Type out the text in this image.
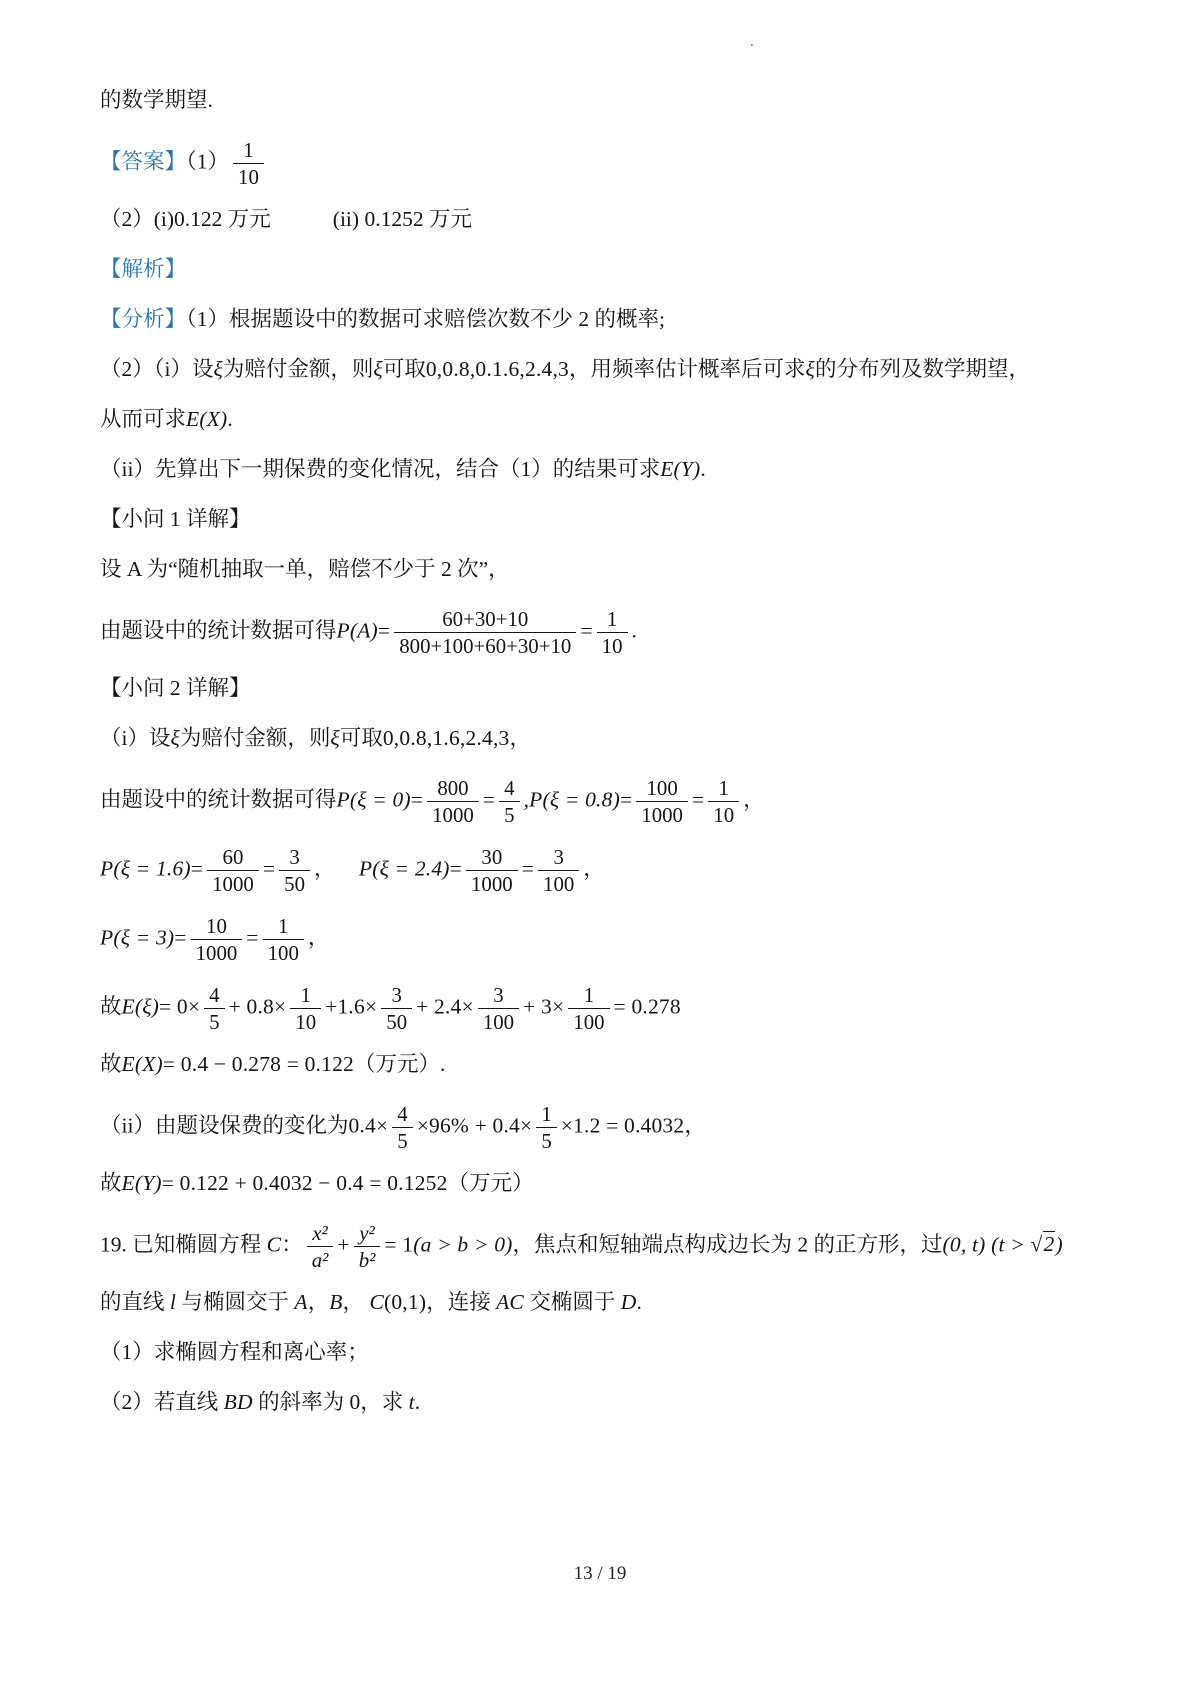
.
的数学期望.
【答案】$(1) \frac{1}{10}$
（2）(i)0.122 万元	(ii) 0.1252 万元
【解析】
【分析】（1）根据题设中的数据可求赔偿次数不少 2 的概率;
（2）（i）设ξ为赔付金额，则ξ可取0,0.8,0.1.6,2.4,3，用频率估计概率后可求ξ的分布列及数学期望，
从而可求E(X).
（ii）先算出下一期保费的变化情况，结合（1）的结果可求E(Y).
【小问 1 详解】
设 A 为“随机抽取一单，赔偿不少于 2 次”，
由题设中的统计数据可得$P(A)= \frac{60+30+10}{800+100+60+30+10} = \frac{1}{10}$ .
【小问 2 详解】
（i）设ξ为赔付金额，则ξ可取0,0.8,1.6,2.4,3，
由题设中的统计数据可得$P(\xi = 0)= \frac{800}{1000} = \frac{4}{5} ,P(\xi = 0.8)= \frac{100}{1000} = \frac{1}{10}$ ，
$P(\xi = 1.6)= \frac{60}{1000} = \frac{3}{50}$ ， $P(\xi = 2.4)= \frac{30}{1000} = \frac{3}{100}$ ，
$P(\xi = 3)= \frac{10}{1000} = \frac{1}{100}$ ，
故$E(\xi)= 0\times \frac{4}{5} + 0.8\times \frac{1}{10} +1.6\times \frac{3}{50} + 2.4\times \frac{3}{100} + 3\times \frac{1}{100} = 0.278$
故E(X)= 0.4 − 0.278 = 0.122（万元）.
（ii）由题设保费的变化为$0.4\times \frac{4}{5} \times 96\% + 0.4\times \frac{1}{5} \times 1.2 = 0.4032$，
故E(Y)= 0.122 + 0.4032 − 0.4 = 0.1252（万元）
19. 已知椭圆方程 C： $\frac{\text{x²}}{\text{a²}} + \frac{\text{y²}}{\text{b²}} = 1(a > b > 0)$，焦点和短轴端点构成边长为 2 的正方形，过(0, t) (t > √2)
的直线 l 与椭圆交于 A，B， C(0,1)，连接 AC 交椭圆于 D.
（1）求椭圆方程和离心率；
（2）若直线 BD 的斜率为 0，求 t.
13 / 19
